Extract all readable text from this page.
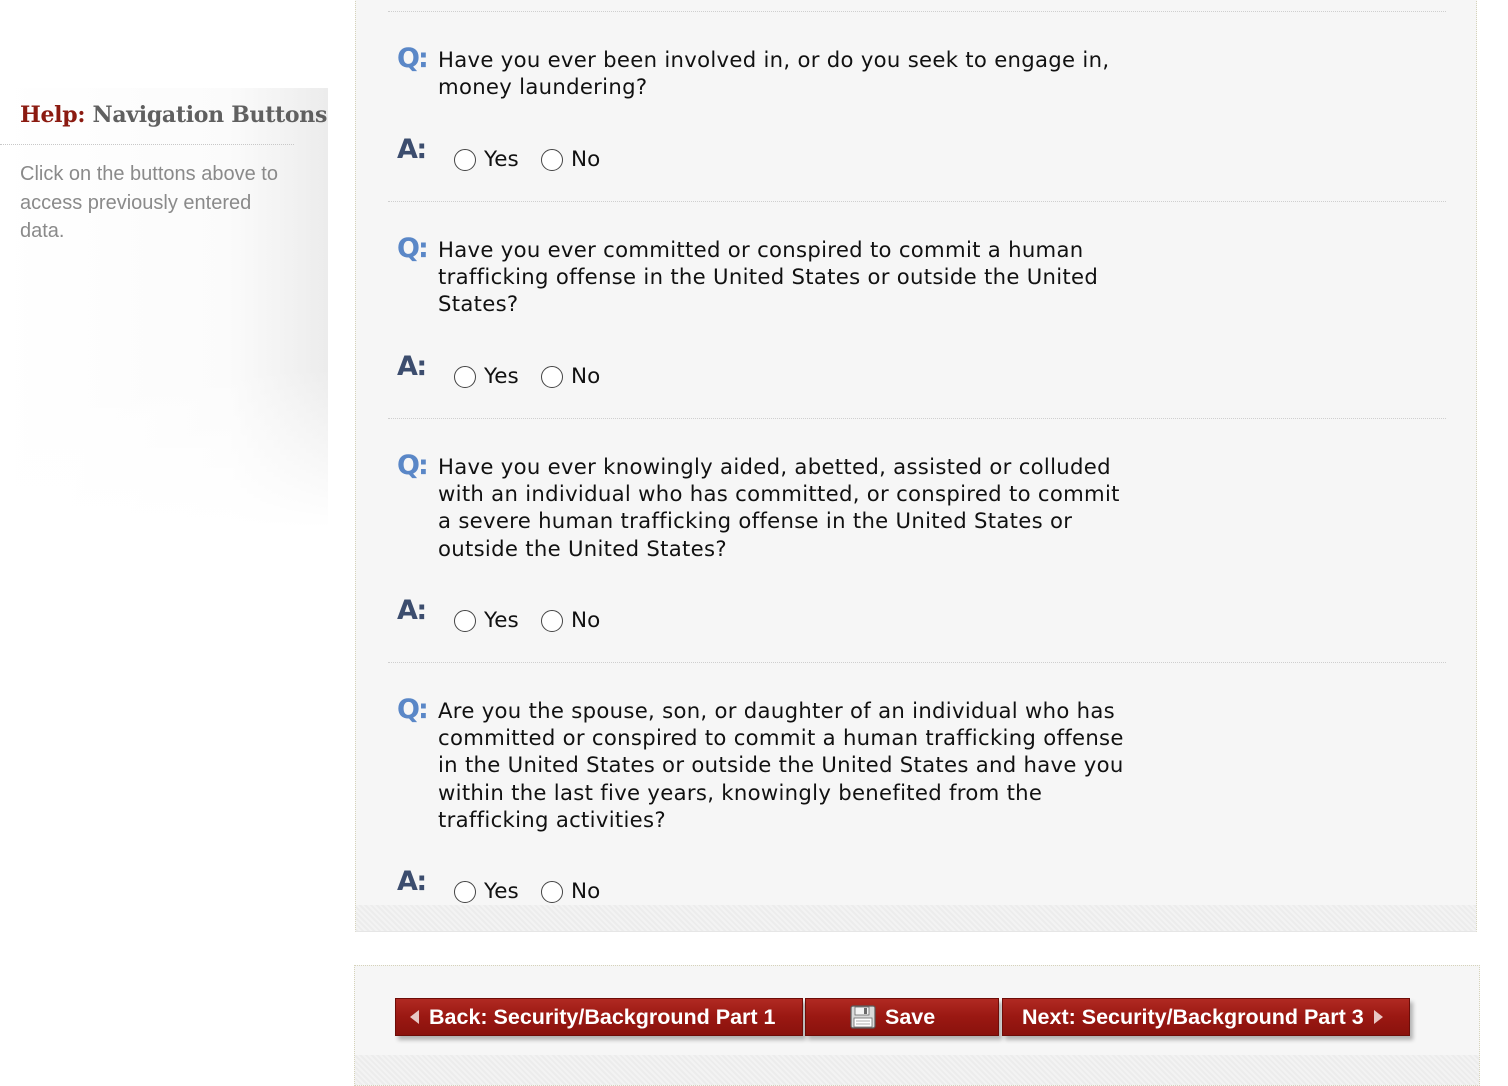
Help: Navigation Buttons
Click on the buttons above to access previously entered data.
Q: Have you ever been involved in, or do you seek to engage in, money laundering?
A:	Yes No
Q: Have you ever committed or conspired to commit a human trafficking offense in the United States or outside the United States?
A:	Yes No
Q: Have you ever knowingly aided, abetted, assisted or colluded with an individual who has committed, or conspired to commit a severe human trafficking offense in the United States or outside the United States?
A:	Yes No
Q: Are you the spouse, son, or daughter of an individual who has committed or conspired to commit a human trafficking offense in the United States or outside the United States and have you within the last five years, knowingly benefited from the trafficking activities?
A:	Yes No
Back: Security/Background Part 1	Save	Next: Security/Background Part 3
